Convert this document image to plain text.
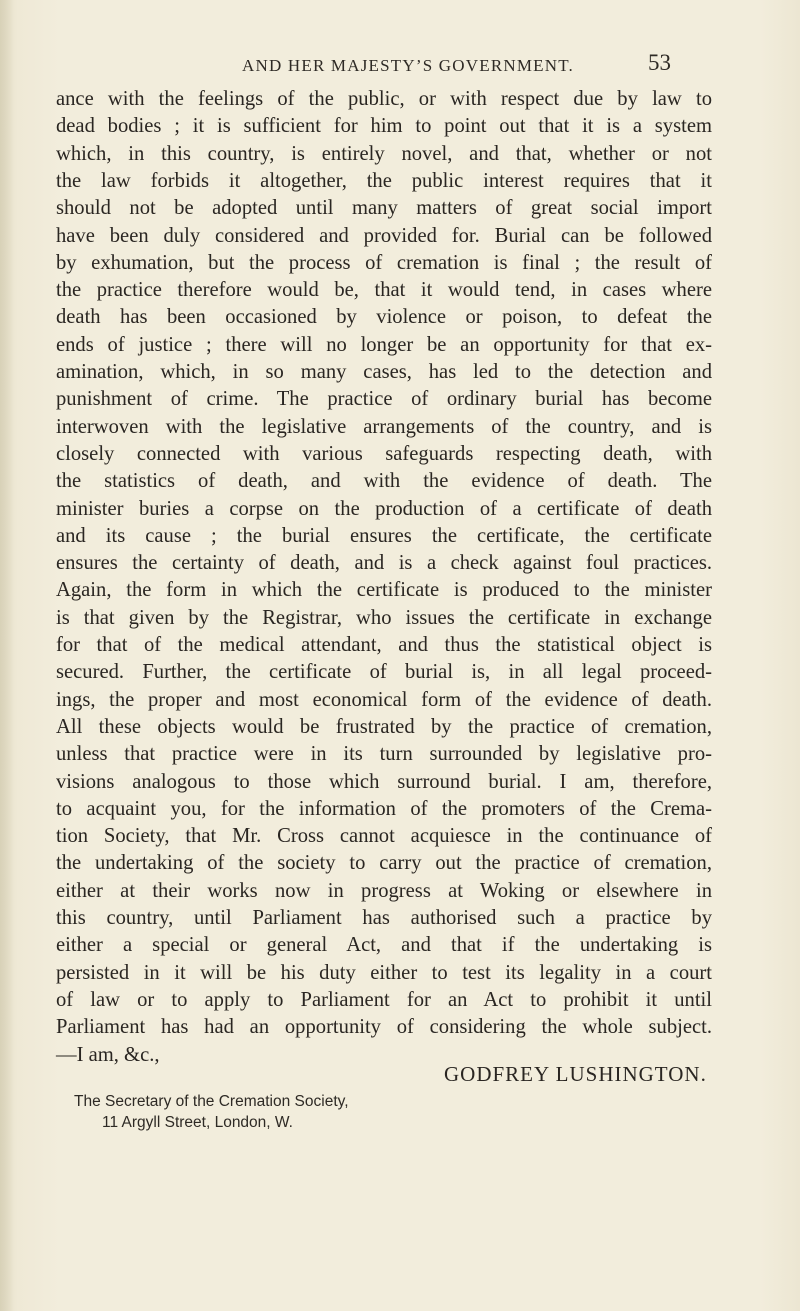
AND HER MAJESTY’S GOVERNMENT.	53
ance with the feelings of the public, or with respect due by law to
dead bodies ; it is sufficient for him to point out that it is a system
which, in this country, is entirely novel, and that, whether or not
the law forbids it altogether, the public interest requires that it
should not be adopted until many matters of great social import
have been duly considered and provided for. Burial can be followed
by exhumation, but the process of cremation is final ; the result of
the practice therefore would be, that it would tend, in cases where
death has been occasioned by violence or poison, to defeat the
ends of justice ; there will no longer be an opportunity for that ex-
amination, which, in so many cases, has led to the detection and
punishment of crime. The practice of ordinary burial has become
interwoven with the legislative arrangements of the country, and is
closely connected with various safeguards respecting death, with
the statistics of death, and with the evidence of death. The
minister buries a corpse on the production of a certificate of death
and its cause ; the burial ensures the certificate, the certificate
ensures the certainty of death, and is a check against foul practices.
Again, the form in which the certificate is produced to the minister
is that given by the Registrar, who issues the certificate in exchange
for that of the medical attendant, and thus the statistical object is
secured. Further, the certificate of burial is, in all legal proceed-
ings, the proper and most economical form of the evidence of death.
All these objects would be frustrated by the practice of cremation,
unless that practice were in its turn surrounded by legislative pro-
visions analogous to those which surround burial. I am, therefore,
to acquaint you, for the information of the promoters of the Crema-
tion Society, that Mr. Cross cannot acquiesce in the continuance of
the undertaking of the society to carry out the practice of cremation,
either at their works now in progress at Woking or elsewhere in
this country, until Parliament has authorised such a practice by
either a special or general Act, and that if the undertaking is
persisted in it will be his duty either to test its legality in a court
of law or to apply to Parliament for an Act to prohibit it until
Parliament has had an opportunity of considering the whole subject.
—I am, &c.,
GODFREY LUSHINGTON.
The Secretary of the Cremation Society,
11 Argyll Street, London, W.
